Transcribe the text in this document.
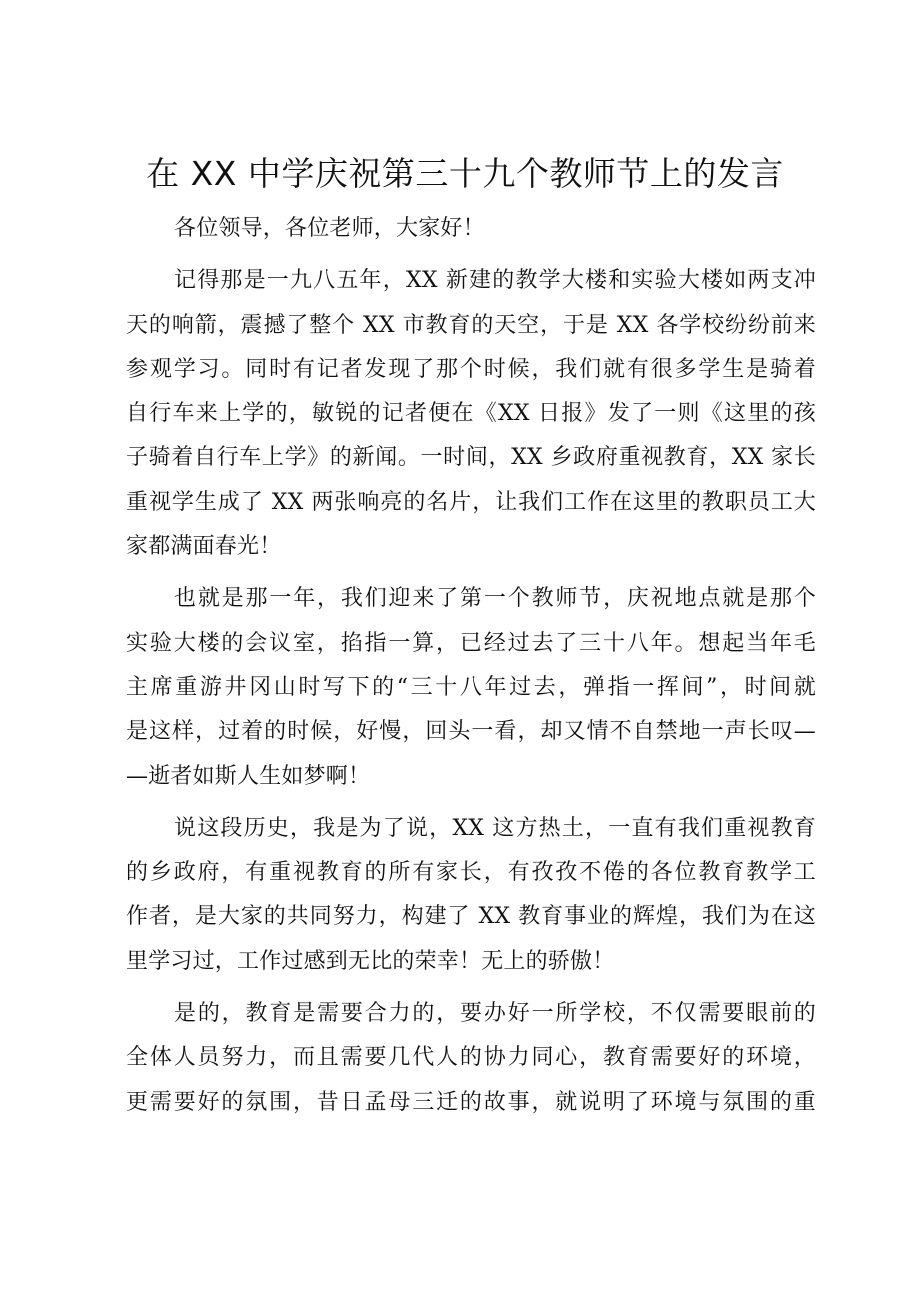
在 XX 中学庆祝第三十九个教师节上的发言
各位领导，各位老师，大家好！
记得那是一九八五年，XX 新建的教学大楼和实验大楼如两支冲
天的响箭，震撼了整个 XX 市教育的天空，于是 XX 各学校纷纷前来
参观学习。同时有记者发现了那个时候，我们就有很多学生是骑着
自行车来上学的，敏锐的记者便在《XX 日报》发了一则《这里的孩
子骑着自行车上学》的新闻。一时间，XX 乡政府重视教育，XX 家长
重视学生成了 XX 两张响亮的名片，让我们工作在这里的教职员工大
家都满面春光！
也就是那一年，我们迎来了第一个教师节，庆祝地点就是那个
实验大楼的会议室，掐指一算，已经过去了三十八年。想起当年毛
主席重游井冈山时写下的“三十八年过去，弹指一挥间”，时间就
是这样，过着的时候，好慢，回头一看，却又情不自禁地一声长叹—
—逝者如斯人生如梦啊！
说这段历史，我是为了说，XX 这方热土，一直有我们重视教育
的乡政府，有重视教育的所有家长，有孜孜不倦的各位教育教学工
作者，是大家的共同努力，构建了 XX 教育事业的辉煌，我们为在这
里学习过，工作过感到无比的荣幸！无上的骄傲！
是的，教育是需要合力的，要办好一所学校，不仅需要眼前的
全体人员努力，而且需要几代人的协力同心，教育需要好的环境，
更需要好的氛围，昔日孟母三迁的故事，就说明了环境与氛围的重
